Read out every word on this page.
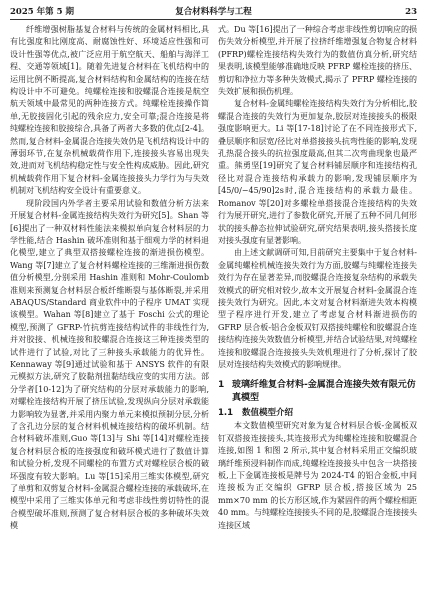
2025 年第 5 期	复合材料科学与工程	23

纤维增强树脂基复合材料与传统的金属材料相比,具有比强度和比刚度高、耐腐蚀性好、环境适应性强和可设计性强等优点,被广泛应用于航空航天、船舶与海洋工程、交通等领域[1]。随着先进复合材料在飞机结构中的运用比例不断提高,复合材料结构和金属结构的连接在结构设计中不可避免。纯螺栓连接和胶螺混合连接是航空航天领域中最常见的两种连接方式。纯螺栓连接操作简单,无胶接固化引起的残余应力,安全可靠;混合连接是将纯螺栓连接和胶接综合,具备了两者大多数的优点[2-4]。然而,复合材料-金属混合连接失效仍是飞机结构设计中的薄弱环节,在复杂机械载荷作用下,连接接头容易出现失效,进而对飞机结构稳定性与安全性构成威胁。因此,研究机械载荷作用下复合材料-金属连接接头力学行为与失效机制对飞机结构安全设计有重要意义。

现阶段国内外学者主要采用试验和数值分析方法来开展复合材料-金属连接结构失效行为研究[5]。Shan 等[6]提出了一种双材料性能法来模拟单向复合材料层的力学性能,结合 Hashin 破坏准则和基于细观力学的材料退化模型,建立了典型双搭接螺栓连接的渐进损伤模型。Wang 等[7]建立了复合材料螺栓连接的三维渐进损伤数值分析模型,分别采用 Hashin 准则和 Mohr-Coulomb 准则来预测复合材料层合板纤维断裂与基体断裂,并采用 ABAQUS/Standard 商业软件中的子程序 UMAT 实现该模型。Wahan 等[8]建立了基于 Foschi 公式的理论模型,预测了 GFRP-竹抗剪连接结构试件的非线性行为,并对胶接、机械连接和胶螺混合连接这三种连接类型的试件进行了试验,对比了三种接头承载能力的优异性。Kennaway 等[9]通过试验和基于 ANSYS 软件的有限元模拟方法,研究了胶黏剂扭黏结线应变的实用方法。部分学者[10-12]为了研究结构的分层对承载能力的影响,对螺栓连接结构开展了挤压试验,发现纵向分层对承载能力影响较为显著,并采用内聚力单元来模拟预制分层,分析了含孔边分层的复合材料机械连接结构的破坏机制。结合材料破坏准则,Guo 等[13]与 Shi 等[14]对螺栓连接复合材料层合板的连接强度和破坏模式进行了数值计算和试验分析,发现不同螺栓的布置方式对螺栓层合板的破坏强度有较大影响。Lu 等[15]采用三维实体模型,研究了单剪和双剪复合材料-金属混合螺栓连接的承载破坏,在模型中采用了三维实体单元和考虑非线性剪切特性的混合模型破坏准则,预测了复合材料层合板的多种破坏失效模

式。Du 等[16]提出了一种综合考虑非线性剪切响应的损伤失效分析模型,并开展了拉挤纤维增强复合物复合材料(PFRP)螺栓连接结构失效行为的数值仿真分析,研究结果表明,该模型能够准确地反映 PFRP 螺栓连接的挤压、剪切和净拉力等多种失效模式,揭示了 PFRP 螺栓连接的失效扩展和损伤机理。

复合材料-金属纯螺栓连接结构失效行为分析相比,胶螺混合连接的失效行为更加复杂,胶层对连接接头的极限强度影响更大。Li 等[17-18]讨论了在不同连接形式下,叠层顺序和层宽/径比对单搭接接头抗弯性能的影响,发现孔热混合接头的抗拉强度最高,但其二次弯曲现象也最严重。熊勇坚[19]研究了复合材料铺层顺序和连接结构孔径比对混合连接结构承载力的影响,发现铺层顺序为[45/0/−45/90]2s时,混合连接结构的承载力最佳。Romanov 等[20]对多螺栓单搭接混合连接结构的失效行为展开研究,进行了参数化研究,开展了五种不同几何形状的接头静态拉伸试验研究,研究结果表明,接头搭接长度对接头强度有显著影响。

由上述文献调研可知,目前研究主要集中于复合材料-金属纯螺栓机械连接失效行为方面,胶螺与纯螺栓连接失效行为存在显著差异,而胶螺混合连接复杂结构的承载失效模式的研究相对较少,故本文开展复合材料-金属混合连接失效行为研究。因此,本文对复合材料渐进失效本构模型子程序进行开发,建立了考虑复合材料渐进损伤的 GFRP 层合板-铝合金板双钉双搭接纯螺栓和胶螺混合连接结构连接失效数值分析模型,并结合试验结果,对纯螺栓连接和胶螺混合连接接头失效机理进行了分析,探讨了胶层对连接结构失效模式的影响规律。

1 玻璃纤维复合材料-金属混合连接失效有限元仿真模型
1.1 数值模型介绍

本文数值模型研究对象为复合材料层合板-金属板双钉双搭接连接接头,其连接形式为纯螺栓连接和胶螺混合连接,如图 1 和图 2 所示,其中复合材料采用正交编织玻璃纤维预浸料制作而成,纯螺栓连接接头中包含一块搭接板,上下金属连接板是牌号为 2024-T4 的铝合金板,中间连接板为正交编织 GFRP 层合板,搭接区域为 25 mm×70 mm 的长方形区域,作为紧固件的两个螺栓相距 40 mm。与纯螺栓连接接头不同的是,胶螺混合连接接头连接区域
